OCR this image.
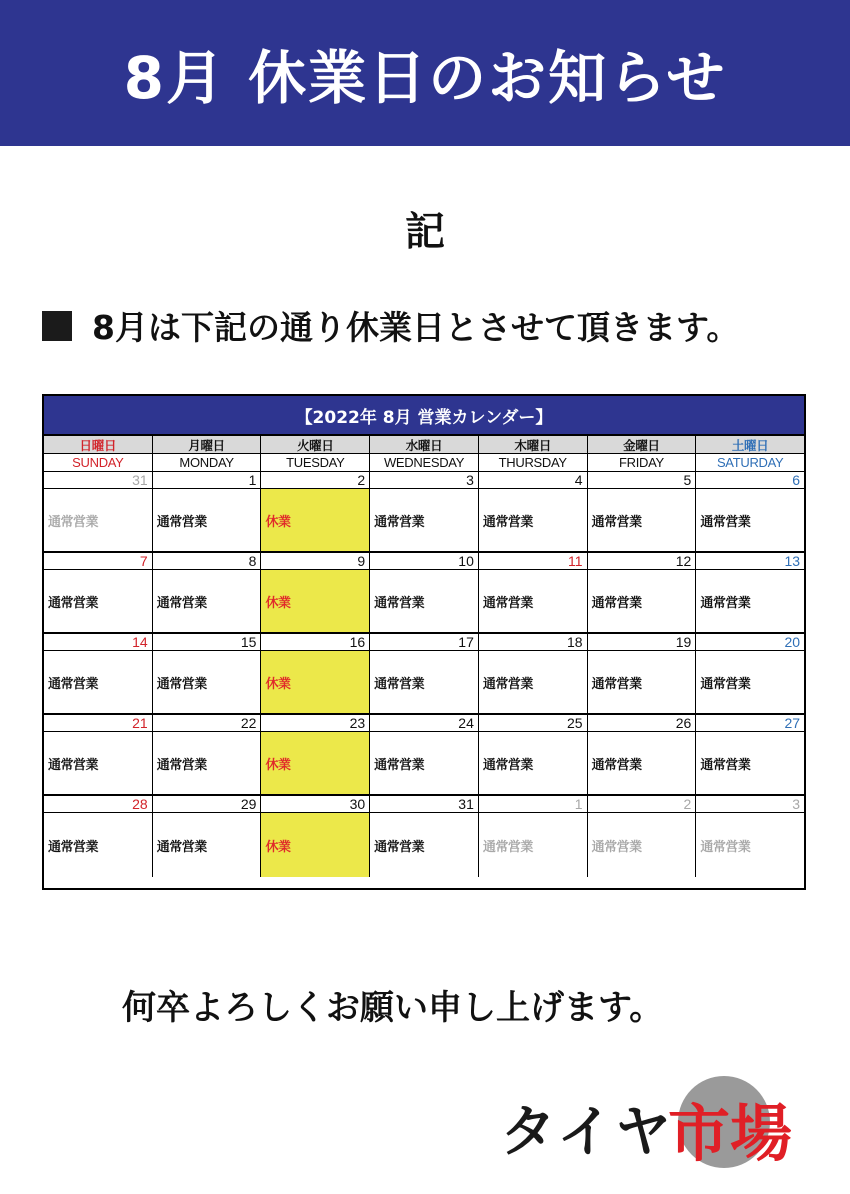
8月 休業日のお知らせ
記
8月は下記の通り休業日とさせて頂きます。
【2022年 8月 営業カレンダー】
日曜日	月曜日	火曜日	水曜日	木曜日	金曜日	土曜日
SUNDAY	MONDAY	TUESDAY	WEDNESDAY	THURSDAY	FRIDAY	SATURDAY
31	1	2	3	4	5	6
通常営業	通常営業	休業	通常営業	通常営業	通常営業	通常営業
7	8	9	10	11	12	13
通常営業	通常営業	休業	通常営業	通常営業	通常営業	通常営業
14	15	16	17	18	19	20
通常営業	通常営業	休業	通常営業	通常営業	通常営業	通常営業
21	22	23	24	25	26	27
通常営業	通常営業	休業	通常営業	通常営業	通常営業	通常営業
28	29	30	31	1	2	3
通常営業	通常営業	休業	通常営業	通常営業	通常営業	通常営業
何卒よろしくお願い申し上げます。
タイヤ
市場
